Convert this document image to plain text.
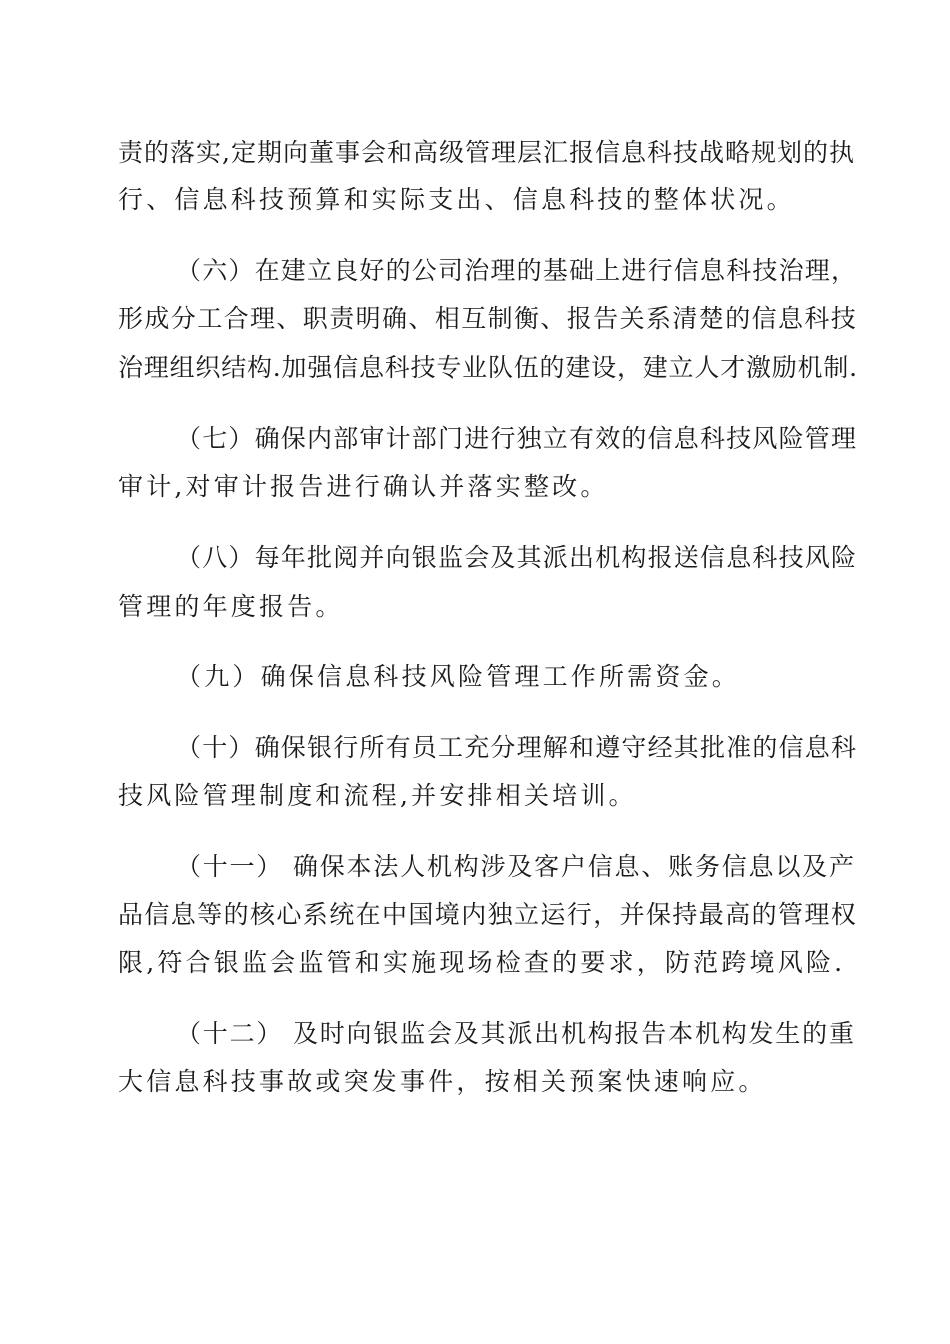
责的落实,定期向董事会和高级管理层汇报信息科技战略规划的执
行、信息科技预算和实际支出、信息科技的整体状况。
（六）在建立良好的公司治理的基础上进行信息科技治理，
形成分工合理、职责明确、相互制衡、报告关系清楚的信息科技
治理组织结构.加强信息科技专业队伍的建设，建立人才激励机制.
（七）确保内部审计部门进行独立有效的信息科技风险管理
审计,对审计报告进行确认并落实整改。
（八）每年批阅并向银监会及其派出机构报送信息科技风险
管理的年度报告。
（九）确保信息科技风险管理工作所需资金。
（十）确保银行所有员工充分理解和遵守经其批准的信息科
技风险管理制度和流程,并安排相关培训。
（十一） 确保本法人机构涉及客户信息、账务信息以及产
品信息等的核心系统在中国境内独立运行，并保持最高的管理权
限,符合银监会监管和实施现场检查的要求，防范跨境风险.
（十二） 及时向银监会及其派出机构报告本机构发生的重
大信息科技事故或突发事件，按相关预案快速响应。
